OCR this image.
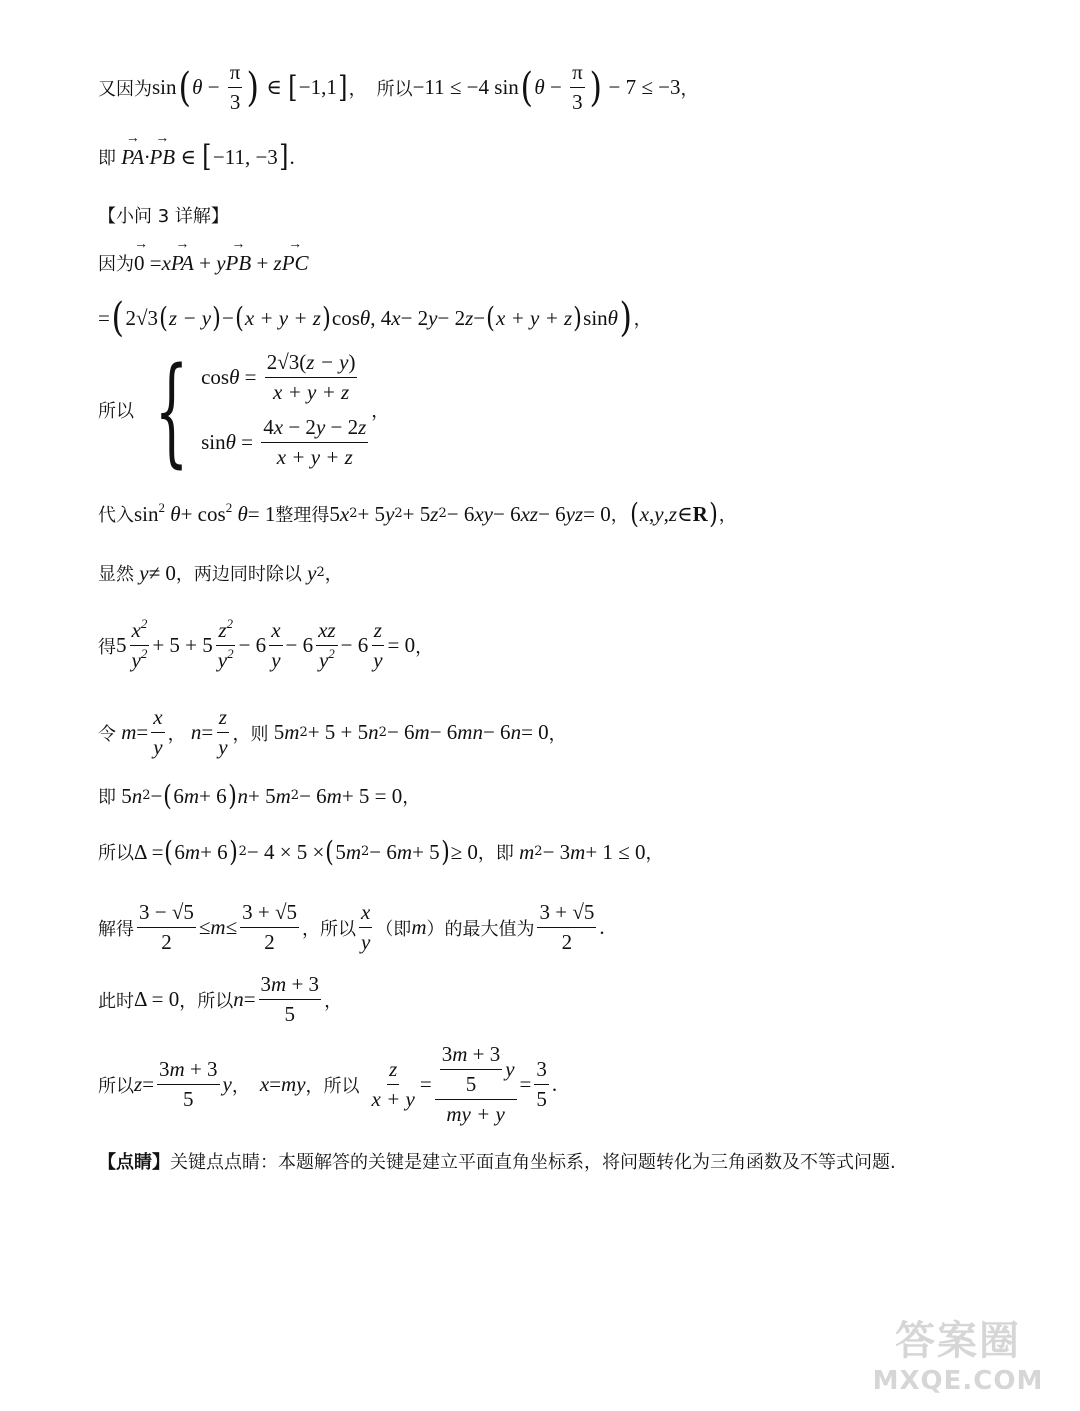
又因为 sin ( $\theta - \frac{\pi}{3}$ ) ∈ [ −1,1 ] ， 所以 −11 ≤ −4 sin ( $\theta - \frac{\pi}{3}$ ) − 7 ≤ −3 ，
即 PA →·PB → ∈ [ −11, −3 ] .
【小问 3 详解】
因为 0 → = xPA → + yPB → + zPC →
= ( 2√3 ( z − y ) − ( x + y + z ) cos θ , 4 x − 2 y − 2 z − ( x + y + z ) sin θ ) ，
所以 { $\cos \theta = \frac{2√3(z - y)}{x + y + z}$
$\sin \theta = \frac{4x - 2y - 2z}{x + y + z}$
，
代入 $\sin^2 \theta + \cos^2 \theta = 1$ 整理得 5 x 2 + 5 y 2 + 5 z 2 − 6 xy − 6 xz − 6 yz = 0 ， ( x , y , z ∈ R ) ，
显然 y ≠ 0 ，两边同时除以 y 2 ，
得 $5 \frac{x^2}{y^2} + 5 + 5 \frac{z^2}{y^2} - 6 \frac{x}{y} - 6 \frac{xz}{y^2} - 6 \frac{z}{y} = 0$ ，
令 $m = \frac{x}{y}$ ， $n = \frac{z}{y}$ ，则 5 m 2 + 5 + 5 n 2 − 6 m − 6 mn − 6 n = 0 ，
即 5 n 2 − ( 6 m + 6 ) n + 5 m 2 − 6 m + 5 = 0 ，
所以 Δ = ( 6 m + 6 ) 2 − 4 × 5 × ( 5 m 2 − 6 m + 5 ) ≥ 0 ， 即 m 2 − 3 m + 1 ≤ 0 ，
解得 $\frac{3 - √5}{2} \le m \le \frac{3 + √5}{2}$ ， 所以 $\frac{x}{y}$ （即 m ）的最大值为 $\frac{3 + √5}{2}$ .
此时 Δ = 0 ， 所以 $n = \frac{3m + 3}{5}$ ，
所以 $z = \frac{3m + 3}{5}$ y ， x = my ， 所以 $\frac{z}{x + y} = \frac{\frac{3m + 3}{5} y}{my + y} = \frac{3}{5}$ .
【点睛】 关键点点睛：本题解答的关键是建立平面直角坐标系，将问题转化为三角函数及不等式问题.
答案圈
MXQE.COM
